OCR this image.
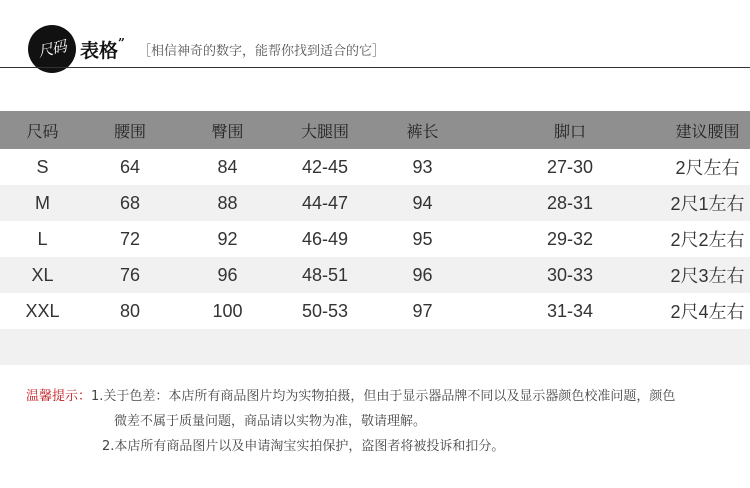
尺码 表格”
［相信神奇的数字，能帮你找到适合的它］
尺码	腰围	臀围	大腿围	裤长	脚口	建议腰围
S	64	84	42-45	93	27-30	2尺左右
M	68	88	44-47	94	28-31	2尺1左右
L	72	92	46-49	95	29-32	2尺2左右
XL	76	96	48-51	96	30-33	2尺3左右
XXL	80	100	50-53	97	31-34	2尺4左右
温馨提示：1.关于色差：本店所有商品图片均为实物拍摄，但由于显示器品牌不同以及显示器颜色校准问题，颜色
微差不属于质量问题，商品请以实物为准，敬请理解。
2.本店所有商品图片以及申请淘宝实拍保护，盗图者将被投诉和扣分。
